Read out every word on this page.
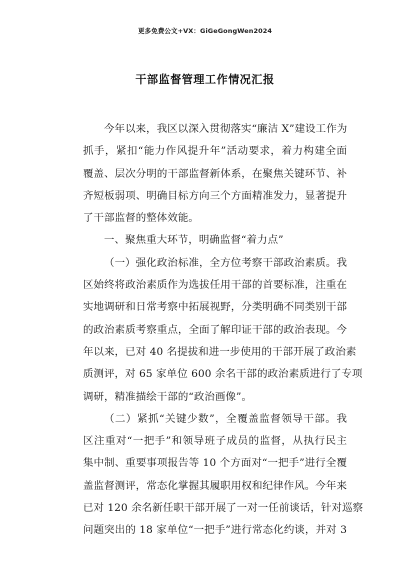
更多免费公文+VX：GiGeGongWen2024
干部监督管理工作情况汇报
今年以来，我区以深入贯彻落实“廉洁 X”建设工作为
抓手，紧扣“能力作风提升年”活动要求，着力构建全面
覆盖、层次分明的干部监督新体系，在聚焦关键环节、补
齐短板弱项、明确目标方向三个方面精准发力，显著提升
了干部监督的整体效能。
一、聚焦重大环节，明确监督“着力点”
（一）强化政治标准，全方位考察干部政治素质。我
区始终将政治素质作为选拔任用干部的首要标准，注重在
实地调研和日常考察中拓展视野，分类明确不同类别干部
的政治素质考察重点，全面了解印证干部的政治表现。今
年以来，已对 40 名提拔和进一步使用的干部开展了政治素
质测评，对 65 家单位 600 余名干部的政治素质进行了专项
调研，精准描绘干部的“政治画像”。
（二）紧抓“关键少数”，全覆盖监督领导干部。我
区注重对“一把手”和领导班子成员的监督，从执行民主
集中制、重要事项报告等 10 个方面对“一把手”进行全覆
盖监督测评，常态化掌握其履职用权和纪律作风。今年来
已对 120 余名新任职干部开展了一对一任前谈话，针对巡察
问题突出的 18 家单位“一把手”进行常态化约谈，并对 3
